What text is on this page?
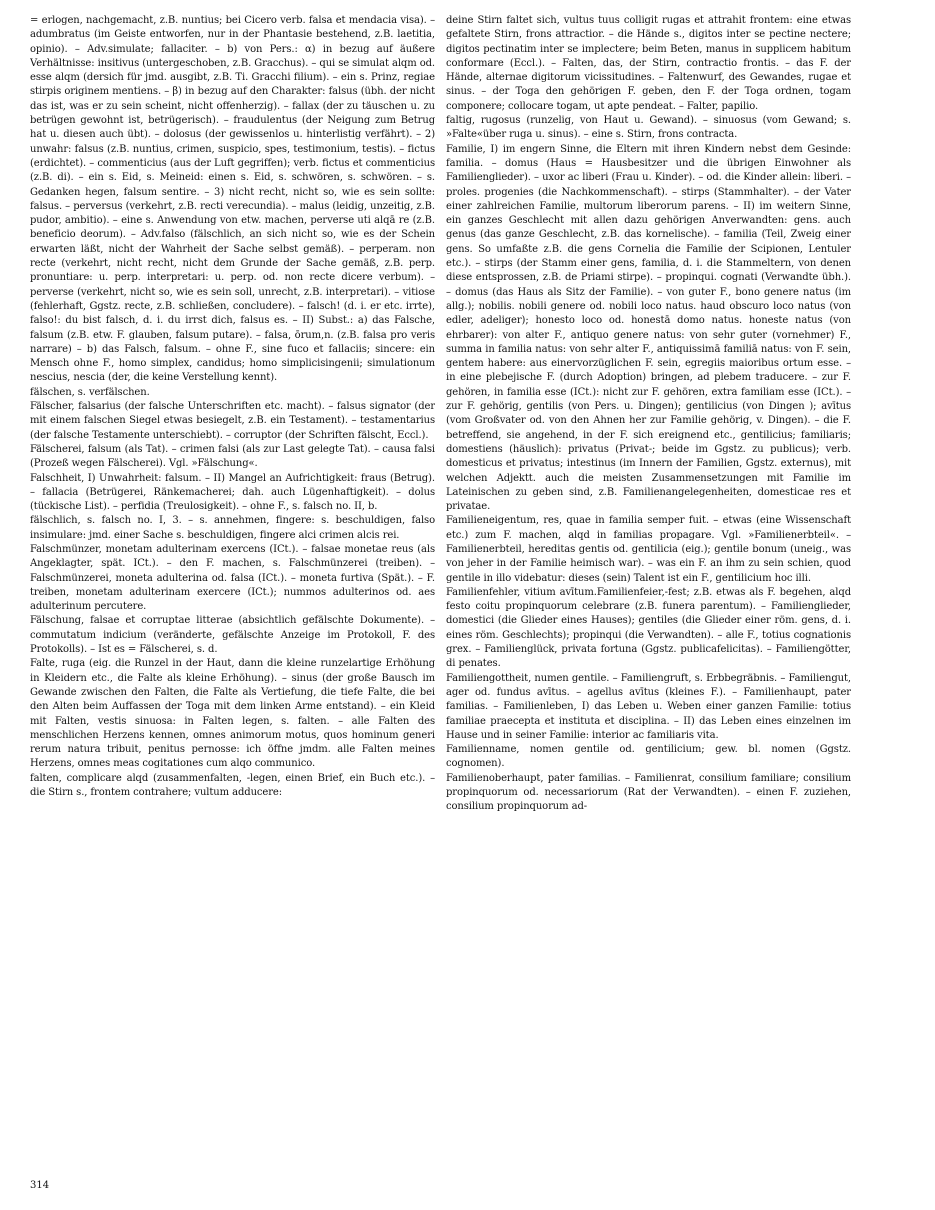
= erlogen, nachgemacht, z.B. nuntius; bei Cicero verb. falsa et mendacia visa). – adumbratus (im Geiste entworfen, nur in der Phantasie bestehend, z.B. laetitia, opinio). – Adv.simulate; fallaciter. – b) von Pers.: α) in bezug auf äußere Verhältnisse: insitivus (untergeschoben, z.B. Gracchus). – qui se simulat alqm od. esse alqm (dersich für jmd. ausgibt, z.B. Ti. Gracchi filium). – ein s. Prinz, regiae stirpis originem mentiens. – β) in bezug auf den Charakter: falsus (übh. der nicht das ist, was er zu sein scheint, nicht offenherzig). – fallax (der zu täuschen u. zu betrügen gewohnt ist, betrügerisch). – fraudulentus (der Neigung zum Betrug hat u. diesen auch übt). – dolosus (der gewissenlos u. hinterlistig verfährt). – 2) unwahr: falsus (z.B. nuntius, crimen, suspicio, spes, testimonium, testis). – fictus (erdichtet). – commenticius (aus der Luft gegriffen); verb. fictus et commenticius (z.B. di). – ein s. Eid, s. Meineid: einen s. Eid, s. schwören, s. schwören. – s. Gedanken hegen, falsum sentire. – 3) nicht recht, nicht so, wie es sein sollte: falsus. – perversus (verkehrt, z.B. recti verecundia). – malus (leidig, unzeitig, z.B. pudor, ambitio). – eine s. Anwendung von etw. machen, perverse uti alqā re (z.B. beneficio deorum). – Adv.falso (fälschlich, an sich nicht so, wie es der Schein erwarten läßt, nicht der Wahrheit der Sache selbst gemäß). – perperam. non recte (verkehrt, nicht recht, nicht dem Grunde der Sache gemäß, z.B. perp. pronuntiare: u. perp. interpretari: u. perp. od. non recte dicere verbum). – perverse (verkehrt, nicht so, wie es sein soll, unrecht, z.B. interpretari). – vitiose (fehlerhaft, Ggstz. recte, z.B. schließen, concludere). – falsch! (d. i. er etc. irrte), falso!: du bist falsch, d. i. du irrst dich, falsus es. – II) Subst.: a) das Falsche, falsum (z.B. etw. F. glauben, falsum putare). – falsa, ōrum,n. (z.B. falsa pro veris narrare) – b) das Falsch, falsum. – ohne F., sine fuco et fallaciis; sincere: ein Mensch ohne F., homo simplex, candidus; homo simplicisingenii; simulationum nescius, nescia (der, die keine Verstellung kennt).

fälschen, s. verfälschen.

Fälscher, falsarius (der falsche Unterschriften etc. macht). – falsus signator (der mit einem falschen Siegel etwas besiegelt, z.B. ein Testament). – testamentarius (der falsche Testamente unterschiebt). – corruptor (der Schriften fälscht, Eccl.).

Fälscherei, falsum (als Tat). – crimen falsi (als zur Last gelegte Tat). – causa falsi (Prozeß wegen Fälscherei). Vgl. »Fälschung«.

Falschheit, I) Unwahrheit: falsum. – II) Mangel an Aufrichtigkeit: fraus (Betrug). – fallacia (Betrügerei, Ränkemacherei; dah. auch Lügenhaftigkeit). – dolus (tückische List). – perfidia (Treulosigkeit). – ohne F., s. falsch no. II, b.

fälschlich, s. falsch no. I, 3. – s. annehmen, fingere: s. beschuldigen, falso insimulare: jmd. einer Sache s. beschuldigen, fingere alci crimen alcis rei.

Falschmünzer, monetam adulterinam exercens (ICt.). – falsae monetae reus (als Angeklagter, spät. ICt.). – den F. machen, s. Falschmünzerei (treiben). – Falschmünzerei, moneta adulterina od. falsa (ICt.). – moneta furtiva (Spät.). – F. treiben, monetam adulterinam exercere (ICt.); nummos adulterinos od. aes adulterinum percutere.

Fälschung, falsae et corruptae litterae (absichtlich gefälschte Dokumente). – commutatum indicium (veränderte, gefälschte Anzeige im Protokoll, F. des Protokolls). – Ist es = Fälscherei, s. d.

Falte, ruga (eig. die Runzel in der Haut, dann die kleine runzelartige Erhöhung in Kleidern etc., die Falte als kleine Erhöhung). – sinus (der große Bausch im Gewande zwischen den Falten, die Falte als Vertiefung, die tiefe Falte, die bei den Alten beim Auffassen der Toga mit dem linken Arme entstand). – ein Kleid mit Falten, vestis sinuosa: in Falten legen, s. falten. – alle Falten des menschlichen Herzens kennen, omnes animorum motus, quos hominum generi rerum natura tribuit, penitus pernosse: ich öffne jmdm. alle Falten meines Herzens, omnes meas cogitationes cum alqo communico.

falten, complicare alqd (zusammenfalten, -legen, einen Brief, ein Buch etc.). – die Stirn s., frontem contrahere; vultum adducere:

deine Stirn faltet sich, vultus tuus colligit rugas et attrahit frontem: eine etwas gefaltete Stirn, frons attractior. – die Hände s., digitos inter se pectine nectere; digitos pectinatim inter se implectere; beim Beten, manus in supplicem habitum conformare (Eccl.). – Falten, das, der Stirn, contractio frontis. – das F. der Hände, alternae digitorum vicissitudines. – Faltenwurf, des Gewandes, rugae et sinus. – der Toga den gehörigen F. geben, den F. der Toga ordnen, togam componere; collocare togam, ut apte pendeat. – Falter, papilio.

faltig, rugosus (runzelig, von Haut u. Gewand). – sinuosus (vom Gewand; s. »Falte«über ruga u. sinus). – eine s. Stirn, frons contracta.

Familie, I) im engern Sinne, die Eltern mit ihren Kindern nebst dem Gesinde: familia. – domus (Haus = Hausbesitzer und die übrigen Einwohner als Familienglieder). – uxor ac liberi (Frau u. Kinder). – od. die Kinder allein: liberi. – proles. progenies (die Nachkommenschaft). – stirps (Stammhalter). – der Vater einer zahlreichen Familie, multorum liberorum parens. – II) im weitern Sinne, ein ganzes Geschlecht mit allen dazu gehörigen Anverwandten: gens. auch genus (das ganze Geschlecht, z.B. das kornelische). – familia (Teil, Zweig einer gens. So umfaßte z.B. die gens Cornelia die Familie der Scipionen, Lentuler etc.). – stirps (der Stamm einer gens, familia, d. i. die Stammeltern, von denen diese entsprossen, z.B. de Priami stirpe). – propinqui. cognati (Verwandte übh.). – domus (das Haus als Sitz der Familie). – von guter F., bono genere natus (im allg.); nobilis. nobili genere od. nobili loco natus. haud obscuro loco natus (von edler, adeliger); honesto loco od. honestā domo natus. honeste natus (von ehrbarer): von alter F., antiquo genere natus: von sehr guter (vornehmer) F., summa in familia natus: von sehr alter F., antiquissimā familiā natus: von F. sein, gentem habere: aus einervorzüglichen F. sein, egregiis maioribus ortum esse. – in eine plebejische F. (durch Adoption) bringen, ad plebem traducere. – zur F. gehören, in familia esse (ICt.): nicht zur F. gehören, extra familiam esse (ICt.). – zur F. gehörig, gentilis (von Pers. u. Dingen); gentilicius (von Dingen ); avītus (vom Großvater od. von den Ahnen her zur Familie gehörig, v. Dingen). – die F. betreffend, sie angehend, in der F. sich ereignend etc., gentilicius; familiaris; domestiens (häuslich): privatus (Privat-; beide im Ggstz. zu publicus); verb. domesticus et privatus; intestinus (im Innern der Familien, Ggstz. externus), mit welchen Adjektt. auch die meisten Zusammensetzungen mit Familie im Lateinischen zu geben sind, z.B. Familienangelegenheiten, domesticae res et privatae.

Familieneigentum, res, quae in familia semper fuit. – etwas (eine Wissenschaft etc.) zum F. machen, alqd in familias propagare. Vgl. »Familienerbteil«. – Familienerbteil, hereditas gentis od. gentilicia (eig.); gentile bonum (uneig., was von jeher in der Familie heimisch war). – was ein F. an ihm zu sein schien, quod gentile in illo videbatur: dieses (sein) Talent ist ein F., gentilicium hoc illi.

Familienfehler, vitium avītum.Familienfeier,-fest; z.B. etwas als F. begehen, alqd festo coitu propinquorum celebrare (z.B. funera parentum). – Familienglieder, domestici (die Glieder eines Hauses); gentiles (die Glieder einer röm. gens, d. i. eines röm. Geschlechts); propinqui (die Verwandten). – alle F., totius cognationis grex. – Familienglück, privata fortuna (Ggstz. publicafelicitas). – Familiengötter, di penates.

Familiengottheit, numen gentile. – Familiengruft, s. Erbbegräbnis. – Familiengut, ager od. fundus avītus. – agellus avītus (kleines F.). – Familienhaupt, pater familias. – Familienleben, I) das Leben u. Weben einer ganzen Familie: totius familiae praecepta et instituta et disciplina. – II) das Leben eines einzelnen im Hause und in seiner Familie: interior ac familiaris vita.

Familienname, nomen gentile od. gentilicium; gew. bl. nomen (Ggstz. cognomen).

Familienoberhaupt, pater familias. – Familienrat, consilium familiare; consilium propinquorum od. necessariorum (Rat der Verwandten). – einen F. zuziehen, consilium propinquorum ad-

314
